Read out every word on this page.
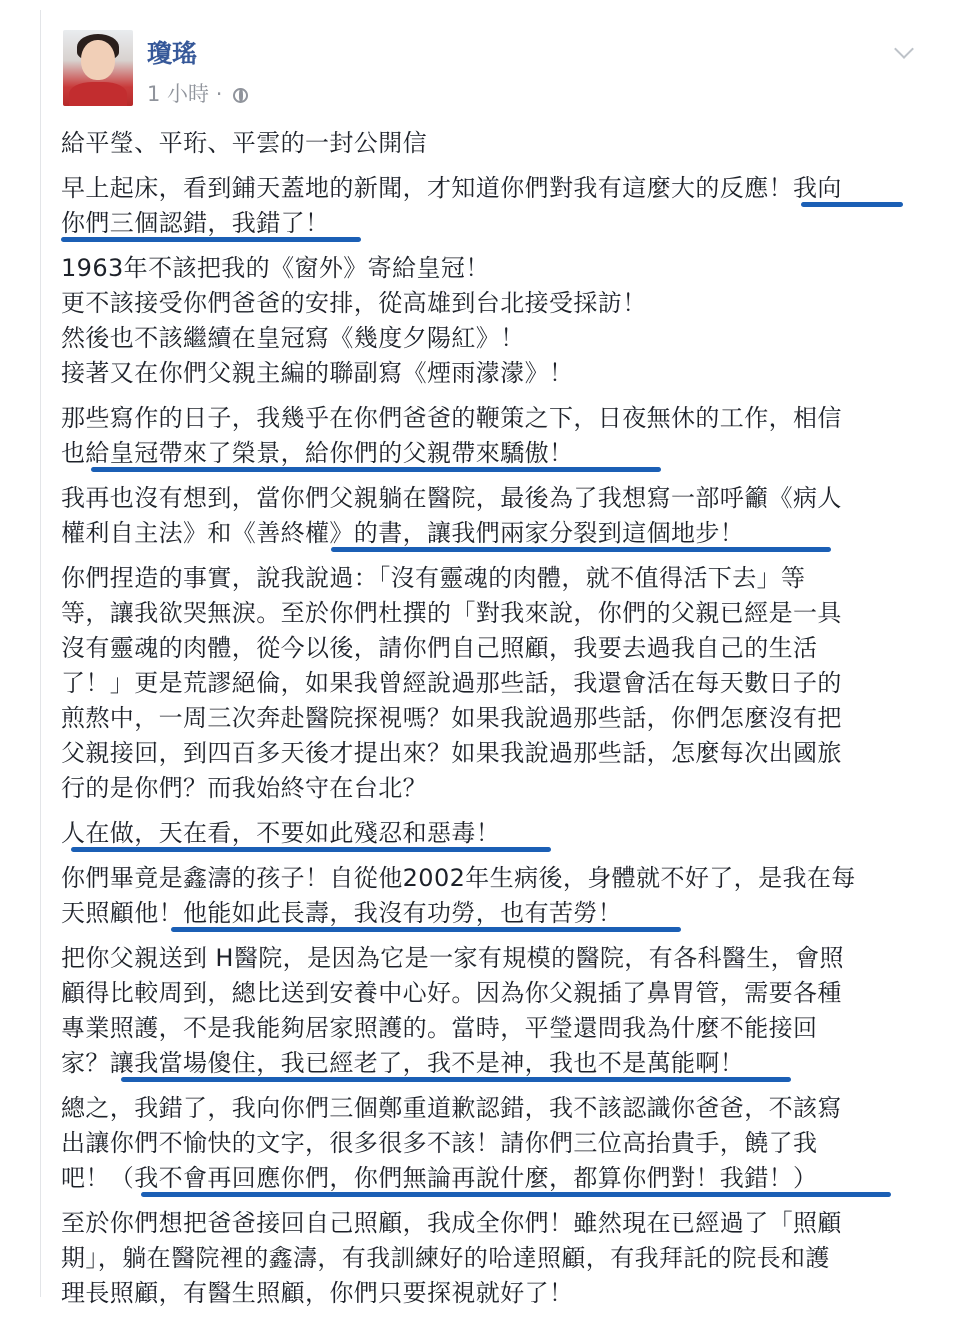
瓊瑤
1 小時 ·
給平瑩、平珩、平雲的一封公開信
早上起床，看到鋪天蓋地的新聞，才知道你們對我有這麼大的反應！我向
你們三個認錯，我錯了！
1963年不該把我的《窗外》寄給皇冠！
更不該接受你們爸爸的安排，從高雄到台北接受採訪！
然後也不該繼續在皇冠寫《幾度夕陽紅》！
接著又在你們父親主編的聯副寫《煙雨濛濛》！
那些寫作的日子，我幾乎在你們爸爸的鞭策之下，日夜無休的工作，相信
也給皇冠帶來了榮景，給你們的父親帶來驕傲！
我再也沒有想到，當你們父親躺在醫院，最後為了我想寫一部呼籲《病人
權利自主法》和《善終權》的書，讓我們兩家分裂到這個地步！
你們捏造的事實，說我說過：「沒有靈魂的肉體，就不值得活下去」等
等，讓我欲哭無淚。至於你們杜撰的「對我來說，你們的父親已經是一具
沒有靈魂的肉體，從今以後，請你們自己照顧，我要去過我自己的生活
了！」更是荒謬絕倫，如果我曾經說過那些話，我還會活在每天數日子的
煎熬中，一周三次奔赴醫院探視嗎？如果我說過那些話，你們怎麼沒有把
父親接回，到四百多天後才提出來？如果我說過那些話，怎麼每次出國旅
行的是你們？而我始終守在台北？
人在做，天在看，不要如此殘忍和惡毒！
你們畢竟是鑫濤的孩子！自從他2002年生病後，身體就不好了，是我在每
天照顧他！他能如此長壽，我沒有功勞，也有苦勞！
把你父親送到 H醫院，是因為它是一家有規模的醫院，有各科醫生，會照
顧得比較周到，總比送到安養中心好。因為你父親插了鼻胃管，需要各種
專業照護，不是我能夠居家照護的。當時，平瑩還問我為什麼不能接回
家？讓我當場傻住，我已經老了，我不是神，我也不是萬能啊！
總之，我錯了，我向你們三個鄭重道歉認錯，我不該認識你爸爸，不該寫
出讓你們不愉快的文字，很多很多不該！請你們三位高抬貴手，饒了我
吧！（我不會再回應你們，你們無論再說什麼，都算你們對！我錯！）
至於你們想把爸爸接回自己照顧，我成全你們！雖然現在已經過了「照顧
期」，躺在醫院裡的鑫濤，有我訓練好的哈達照顧，有我拜託的院長和護
理長照顧，有醫生照顧，你們只要探視就好了！
